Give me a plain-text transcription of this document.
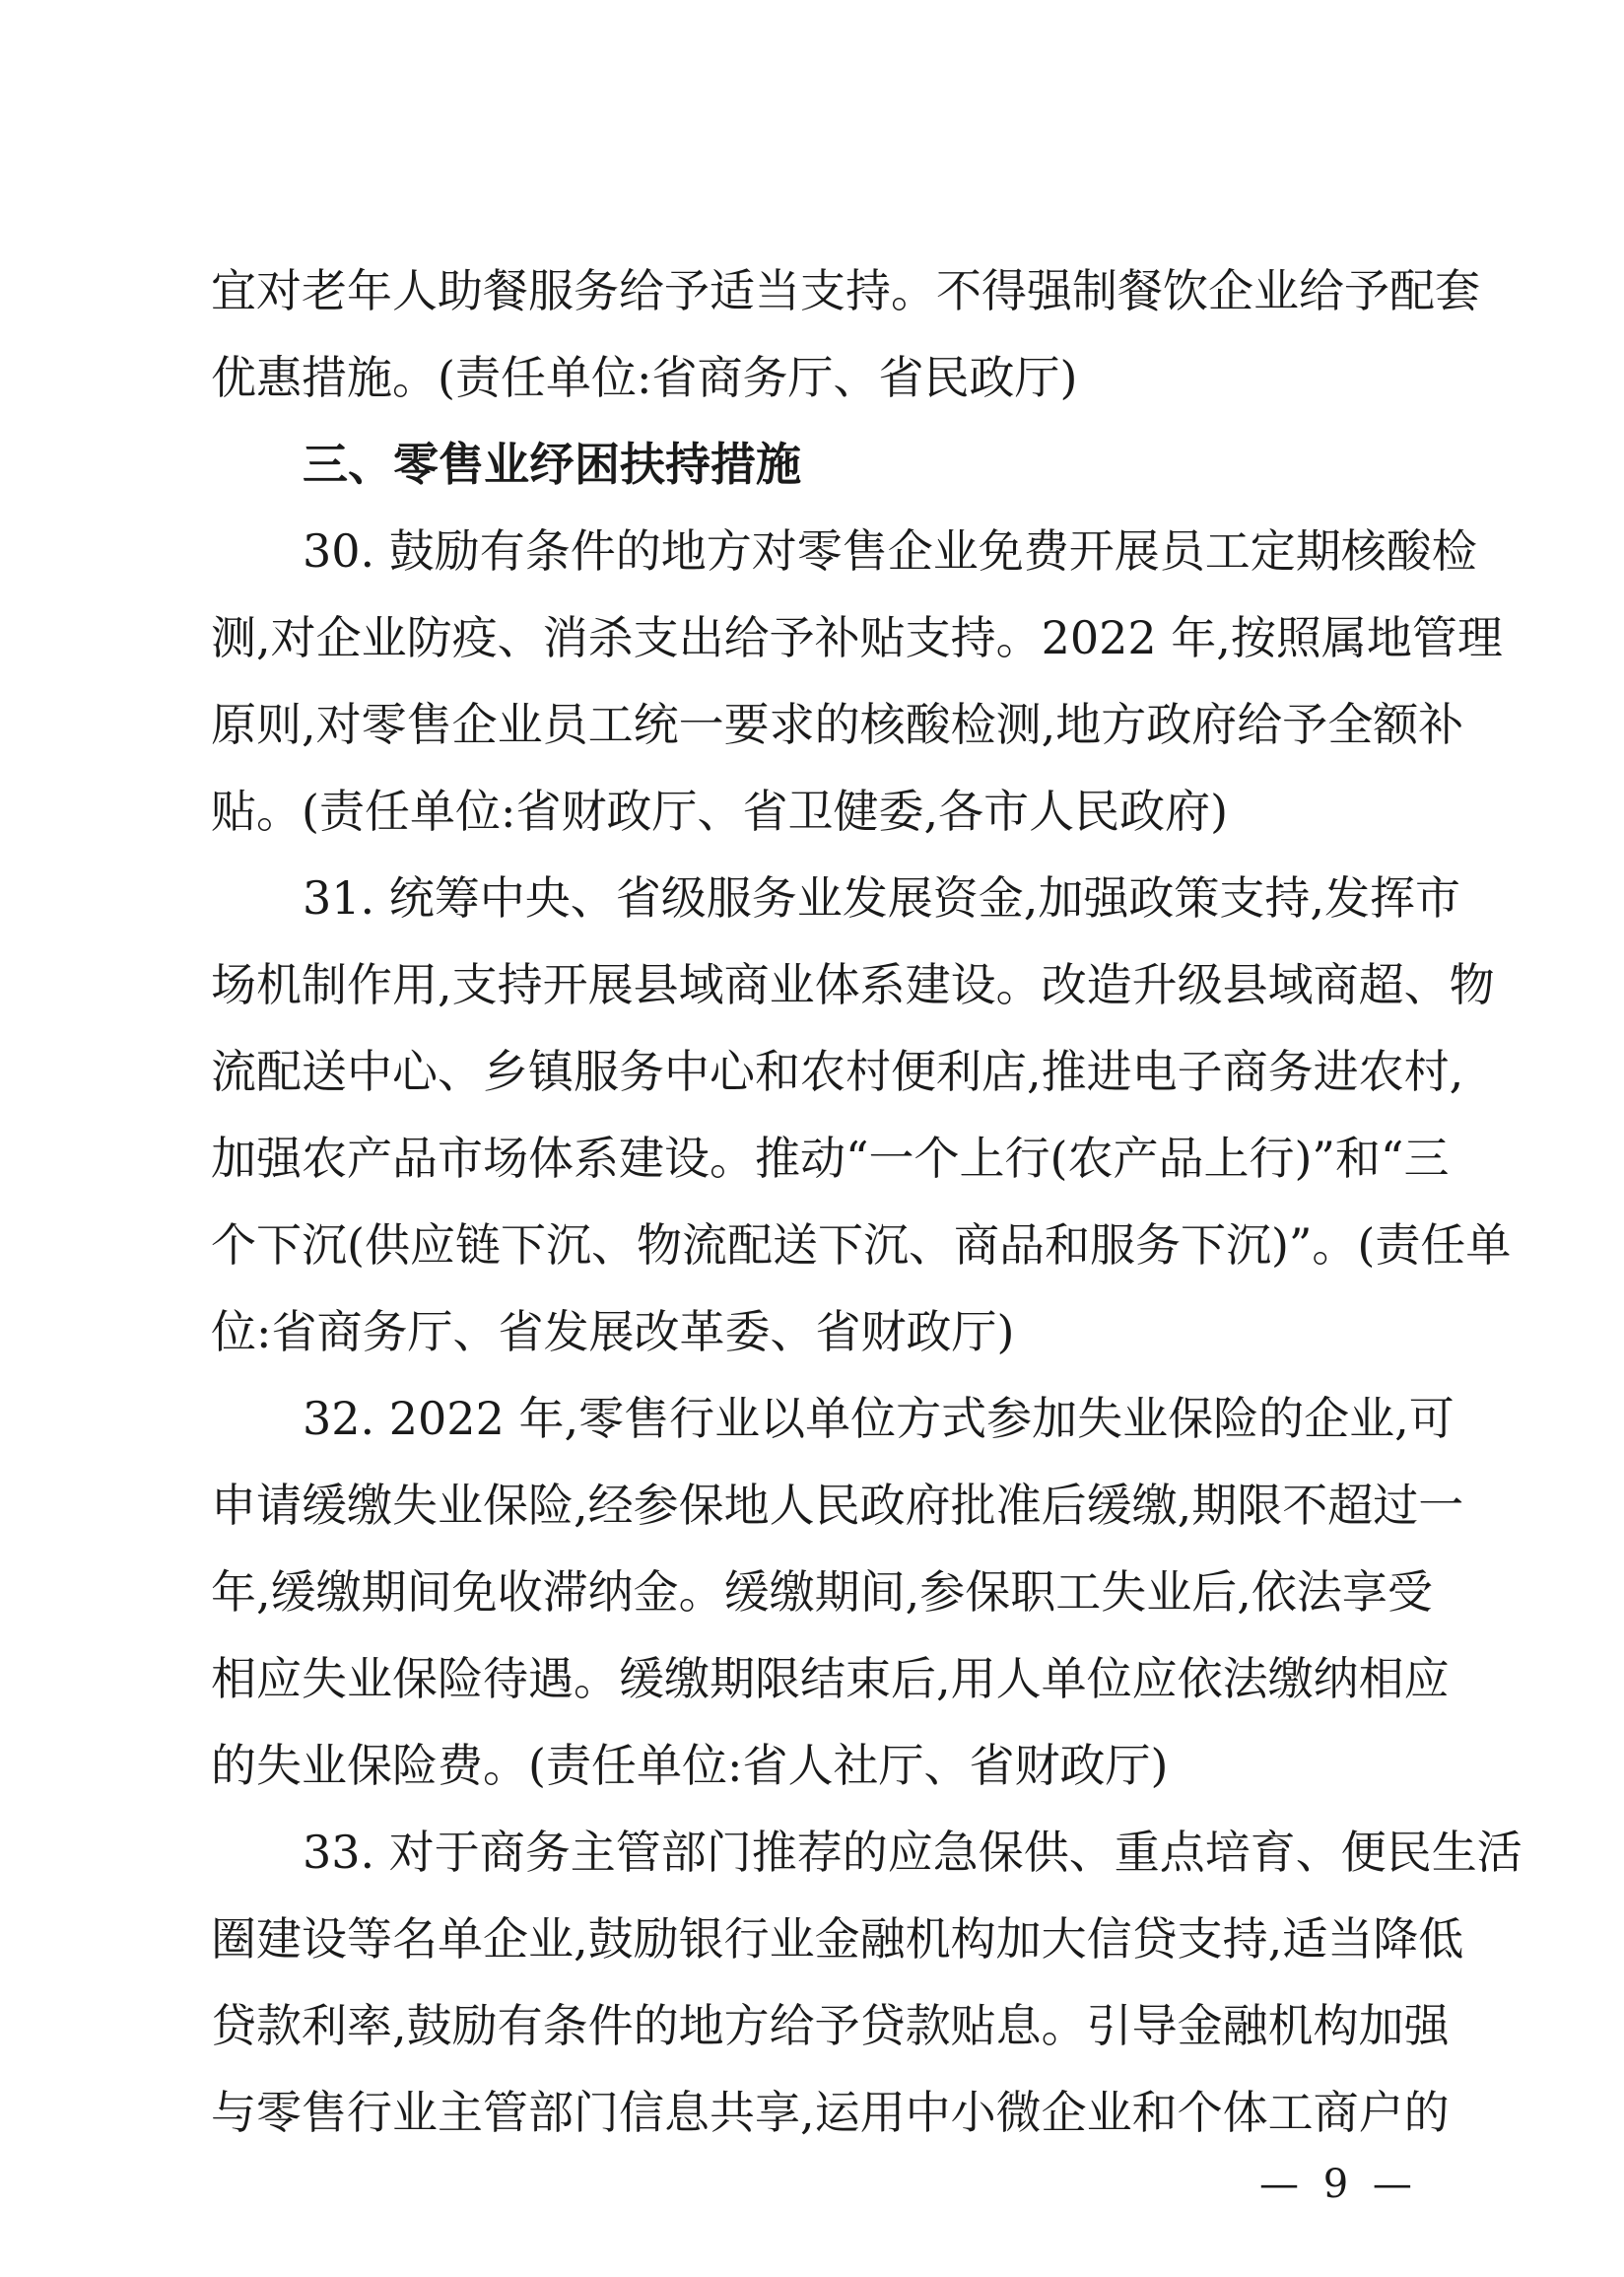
宜对老年人助餐服务给予适当支持。不得强制餐饮企业给予配套
优惠措施。(责任单位:省商务厅、省民政厅)
三、零售业纾困扶持措施
30. 鼓励有条件的地方对零售企业免费开展员工定期核酸检
测,对企业防疫、消杀支出给予补贴支持。2022 年,按照属地管理
原则,对零售企业员工统一要求的核酸检测,地方政府给予全额补
贴。(责任单位:省财政厅、省卫健委,各市人民政府)
31. 统筹中央、省级服务业发展资金,加强政策支持,发挥市
场机制作用,支持开展县域商业体系建设。改造升级县域商超、物
流配送中心、乡镇服务中心和农村便利店,推进电子商务进农村,
加强农产品市场体系建设。推动“一个上行(农产品上行)”和“三
个下沉(供应链下沉、物流配送下沉、商品和服务下沉)”。(责任单
位:省商务厅、省发展改革委、省财政厅)
32. 2022 年,零售行业以单位方式参加失业保险的企业,可
申请缓缴失业保险,经参保地人民政府批准后缓缴,期限不超过一
年,缓缴期间免收滞纳金。缓缴期间,参保职工失业后,依法享受
相应失业保险待遇。缓缴期限结束后,用人单位应依法缴纳相应
的失业保险费。(责任单位:省人社厅、省财政厅)
33. 对于商务主管部门推荐的应急保供、重点培育、便民生活
圈建设等名单企业,鼓励银行业金融机构加大信贷支持,适当降低
贷款利率,鼓励有条件的地方给予贷款贴息。引导金融机构加强
与零售行业主管部门信息共享,运用中小微企业和个体工商户的
— 9 —
